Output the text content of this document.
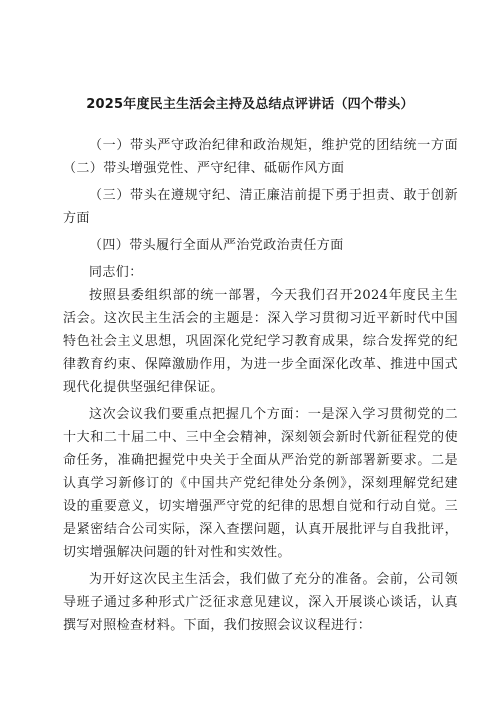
2025年度民主生活会主持及总结点评讲话（四个带头）

（一）带头严守政治纪律和政治规矩，维护党的团结统一方面（二）带头增强党性、严守纪律、砥砺作风方面

（三）带头在遵规守纪、清正廉洁前提下勇于担责、敢于创新方面

（四）带头履行全面从严治党政治责任方面

同志们：

按照县委组织部的统一部署，今天我们召开2024年度民主生活会。这次民主生活会的主题是：深入学习贯彻习近平新时代中国特色社会主义思想，巩固深化党纪学习教育成果，综合发挥党的纪律教育约束、保障激励作用，为进一步全面深化改革、推进中国式现代化提供坚强纪律保证。

这次会议我们要重点把握几个方面：一是深入学习贯彻党的二十大和二十届二中、三中全会精神，深刻领会新时代新征程党的使命任务，准确把握党中央关于全面从严治党的新部署新要求。二是认真学习新修订的《中国共产党纪律处分条例》，深刻理解党纪建设的重要意义，切实增强严守党的纪律的思想自觉和行动自觉。三是紧密结合公司实际，深入查摆问题，认真开展批评与自我批评，切实增强解决问题的针对性和实效性。

为开好这次民主生活会，我们做了充分的准备。会前，公司领导班子通过多种形式广泛征求意见建议，深入开展谈心谈话，认真撰写对照检查材料。下面，我们按照会议议程进行：
